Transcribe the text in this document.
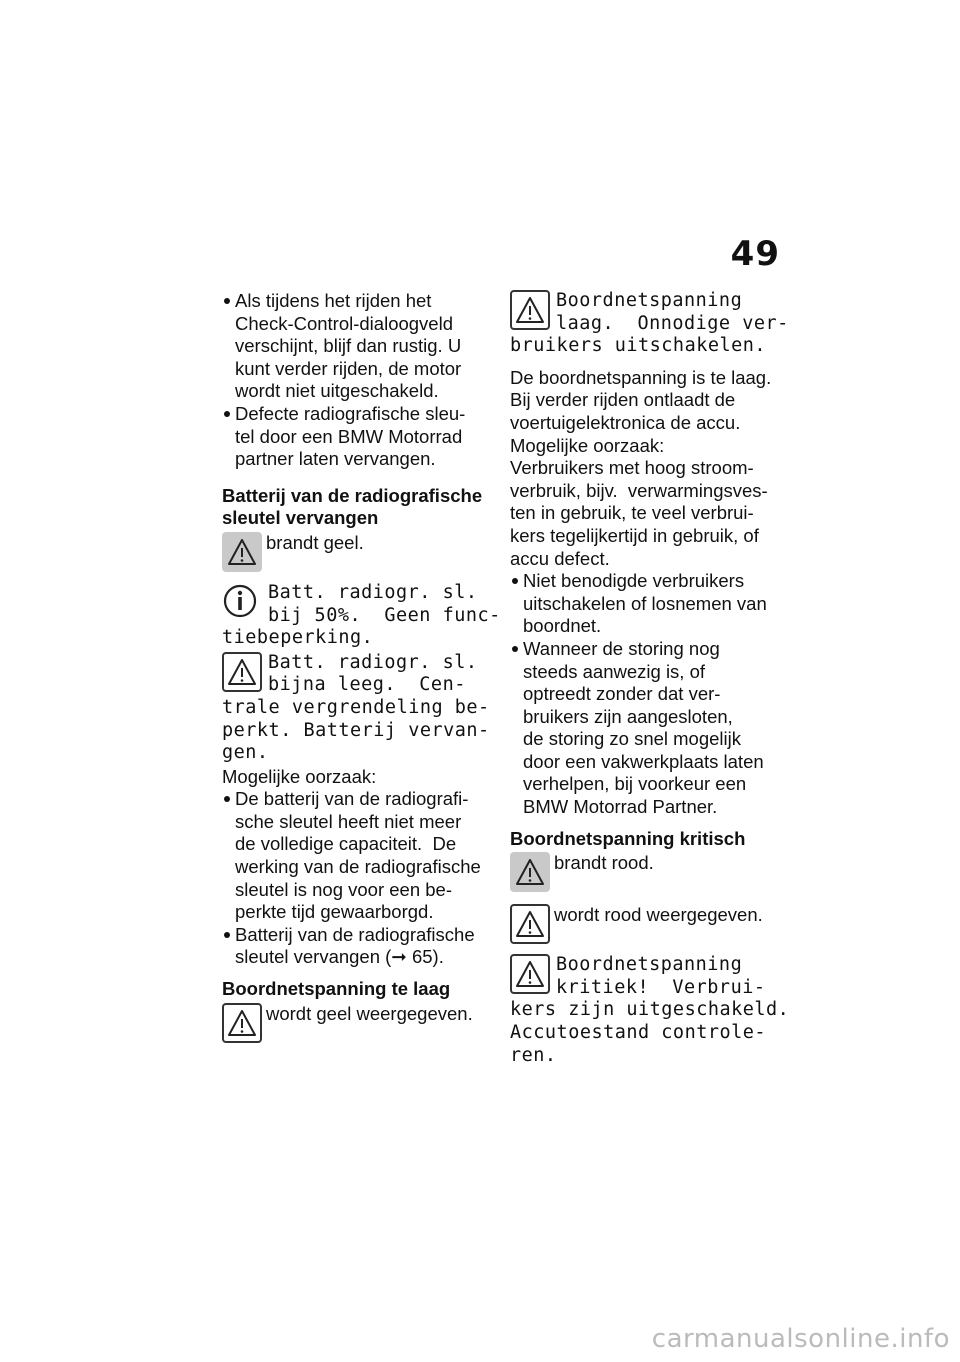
49
Als tijdens het rijden het
Check-Control-dialoogveld
verschijnt, blijf dan rustig. U
kunt verder rijden, de motor
wordt niet uitgeschakeld.
Defecte radiografische sleu-
tel door een BMW Motorrad
partner laten vervangen.
Batterij van de radiografische
sleutel vervangen
brandt geel.
Batt. radiogr. sl.
bij 50%.  Geen func-
tiebeperking.
Batt. radiogr. sl.
bijna leeg.  Cen-
trale vergrendeling be-
perkt. Batterij vervan-
gen.
Mogelijke oorzaak:
De batterij van de radiografi-
sche sleutel heeft niet meer
de volledige capaciteit.  De
werking van de radiografische
sleutel is nog voor een be-
perkte tijd gewaarborgd.
Batterij van de radiografische
sleutel vervangen (➞ 65).
Boordnetspanning te laag
wordt geel weergegeven.
Boordnetspanning
laag.  Onnodige ver-
bruikers uitschakelen.
De boordnetspanning is te laag.
Bij verder rijden ontlaadt de
voertuigelektronica de accu.
Mogelijke oorzaak:
Verbruikers met hoog stroom-
verbruik, bijv.  verwarmingsves-
ten in gebruik, te veel verbrui-
kers tegelijkertijd in gebruik, of
accu defect.
Niet benodigde verbruikers
uitschakelen of losnemen van
boordnet.
Wanneer de storing nog
steeds aanwezig is, of
optreedt zonder dat ver-
bruikers zijn aangesloten,
de storing zo snel mogelijk
door een vakwerkplaats laten
verhelpen, bij voorkeur een
BMW Motorrad Partner.
Boordnetspanning kritisch
brandt rood.
wordt rood weergegeven.
Boordnetspanning
kritiek!  Verbrui-
kers zijn uitgeschakeld.
Accutoestand controle-
ren.
carmanualsonline.info
